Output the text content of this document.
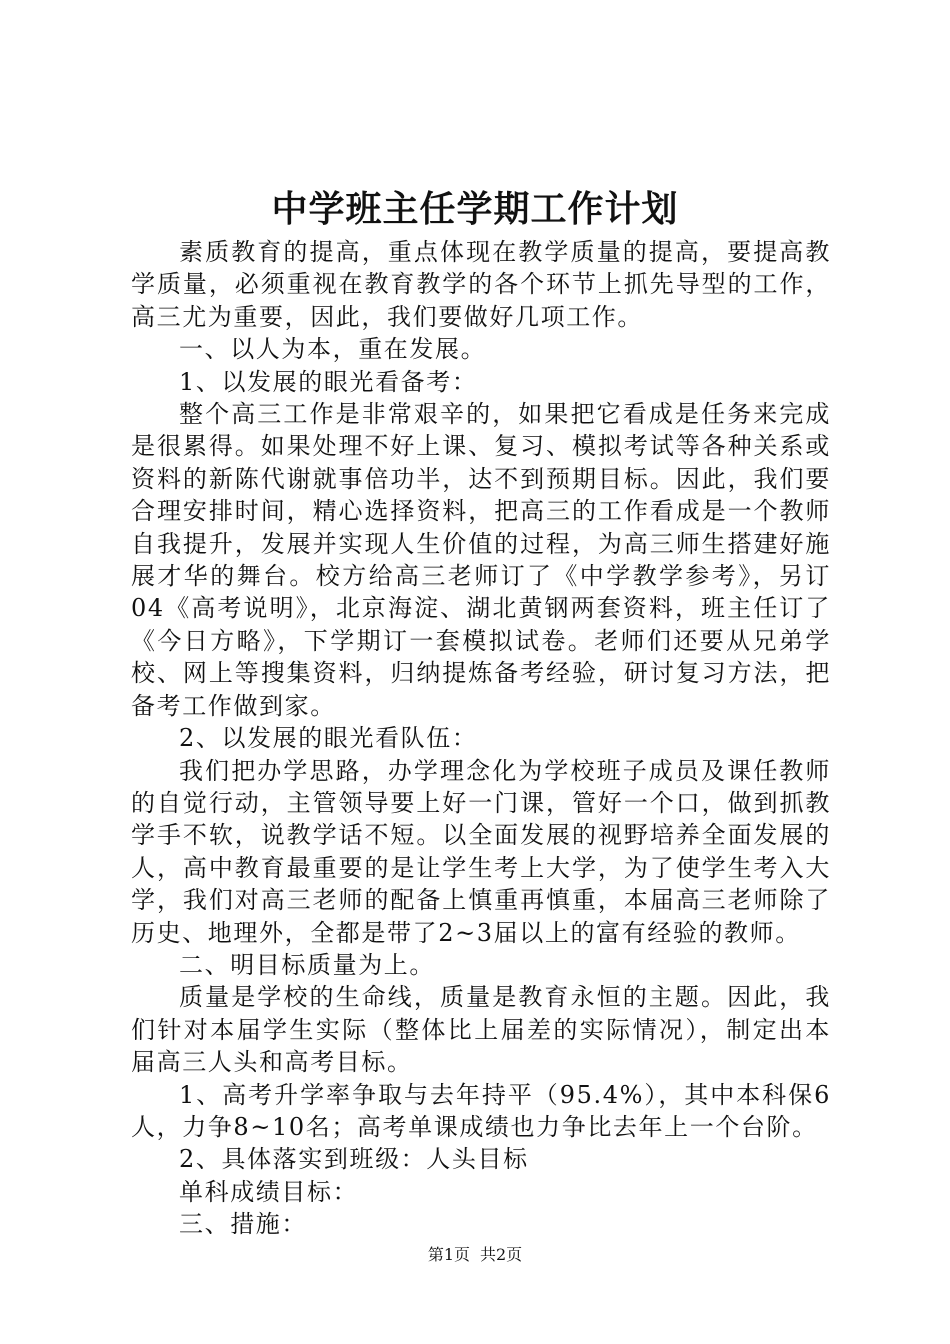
中学班主任学期工作计划

素质教育的提高，重点体现在教学质量的提高，要提高教学质量，必须重视在教育教学的各个环节上抓先导型的工作，高三尤为重要，因此，我们要做好几项工作。

一、以人为本，重在发展。

1、以发展的眼光看备考：

整个高三工作是非常艰辛的，如果把它看成是任务来完成是很累得。如果处理不好上课、复习、模拟考试等各种关系或资料的新陈代谢就事倍功半，达不到预期目标。因此，我们要合理安排时间，精心选择资料，把高三的工作看成是一个教师自我提升，发展并实现人生价值的过程，为高三师生搭建好施展才华的舞台。校方给高三老师订了《中学教学参考》，另订04《高考说明》，北京海淀、湖北黄钢两套资料，班主任订了《今日方略》，下学期订一套模拟试卷。老师们还要从兄弟学校、网上等搜集资料，归纳提炼备考经验，研讨复习方法，把备考工作做到家。

2、以发展的眼光看队伍：

我们把办学思路，办学理念化为学校班子成员及课任教师的自觉行动，主管领导要上好一门课，管好一个口，做到抓教学手不软，说教学话不短。以全面发展的视野培养全面发展的人，高中教育最重要的是让学生考上大学，为了使学生考入大学，我们对高三老师的配备上慎重再慎重，本届高三老师除了历史、地理外，全都是带了2~3届以上的富有经验的教师。

二、明目标质量为上。

质量是学校的生命线，质量是教育永恒的主题。因此，我们针对本届学生实际（整体比上届差的实际情况），制定出本届高三人头和高考目标。

1、高考升学率争取与去年持平（95.4%），其中本科保6人，力争8~10名；高考单课成绩也力争比去年上一个台阶。

2、具体落实到班级：人头目标

单科成绩目标：

三、措施：

第1页 共2页
